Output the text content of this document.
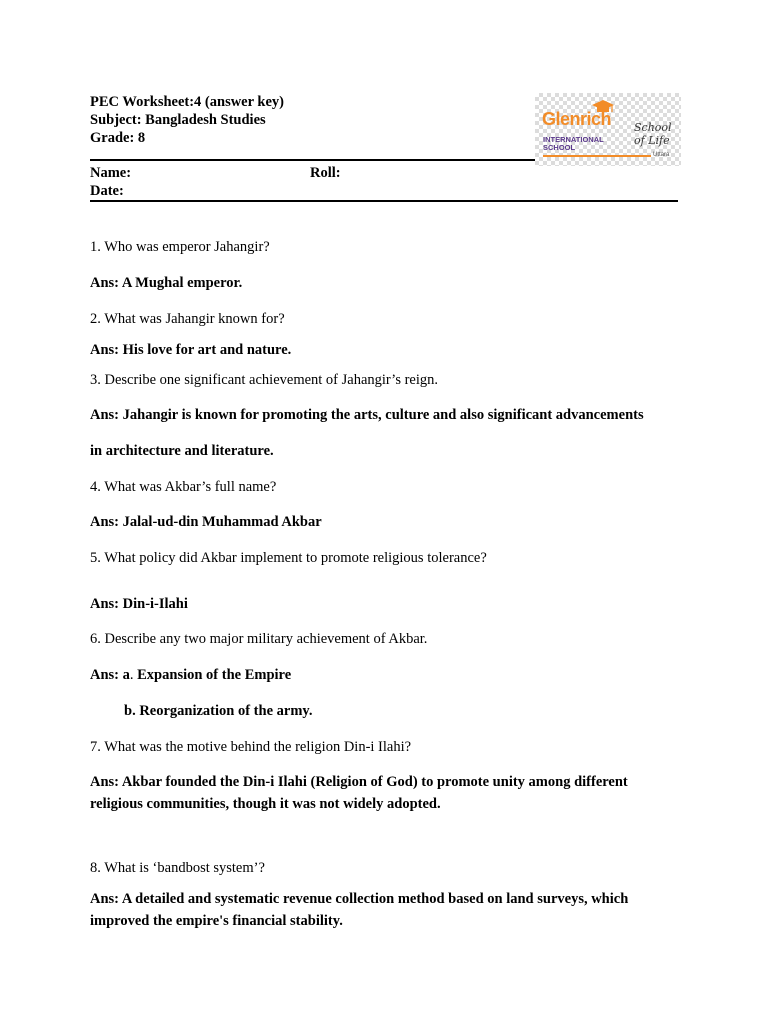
PEC Worksheet:4 (answer key)
Subject: Bangladesh Studies
Grade: 8
Name:	Roll:
Date:
Glenrich
INTERNATIONAL
SCHOOL
School
of Life
Uttara
1. Who was emperor Jahangir?
Ans: A Mughal emperor.
2. What was Jahangir known for?
Ans: His love for art and nature.
3. Describe one significant achievement of Jahangir’s reign.
Ans: Jahangir is known for promoting the arts, culture and also significant advancements
in architecture and literature.
4. What was Akbar’s full name?
Ans: Jalal-ud-din Muhammad Akbar
5. What policy did Akbar implement to promote religious tolerance?
Ans: Din-i-Ilahi
6. Describe any two major military achievement of Akbar.
Ans: a. Expansion of the Empire
b. Reorganization of the army.
7. What was the motive behind the religion Din-i Ilahi?
Ans: Akbar founded the Din-i Ilahi (Religion of God) to promote unity among different
religious communities, though it was not widely adopted.
8. What is ‘bandbost system’?
Ans: A detailed and systematic revenue collection method based on land surveys, which
improved the empire's financial stability.
